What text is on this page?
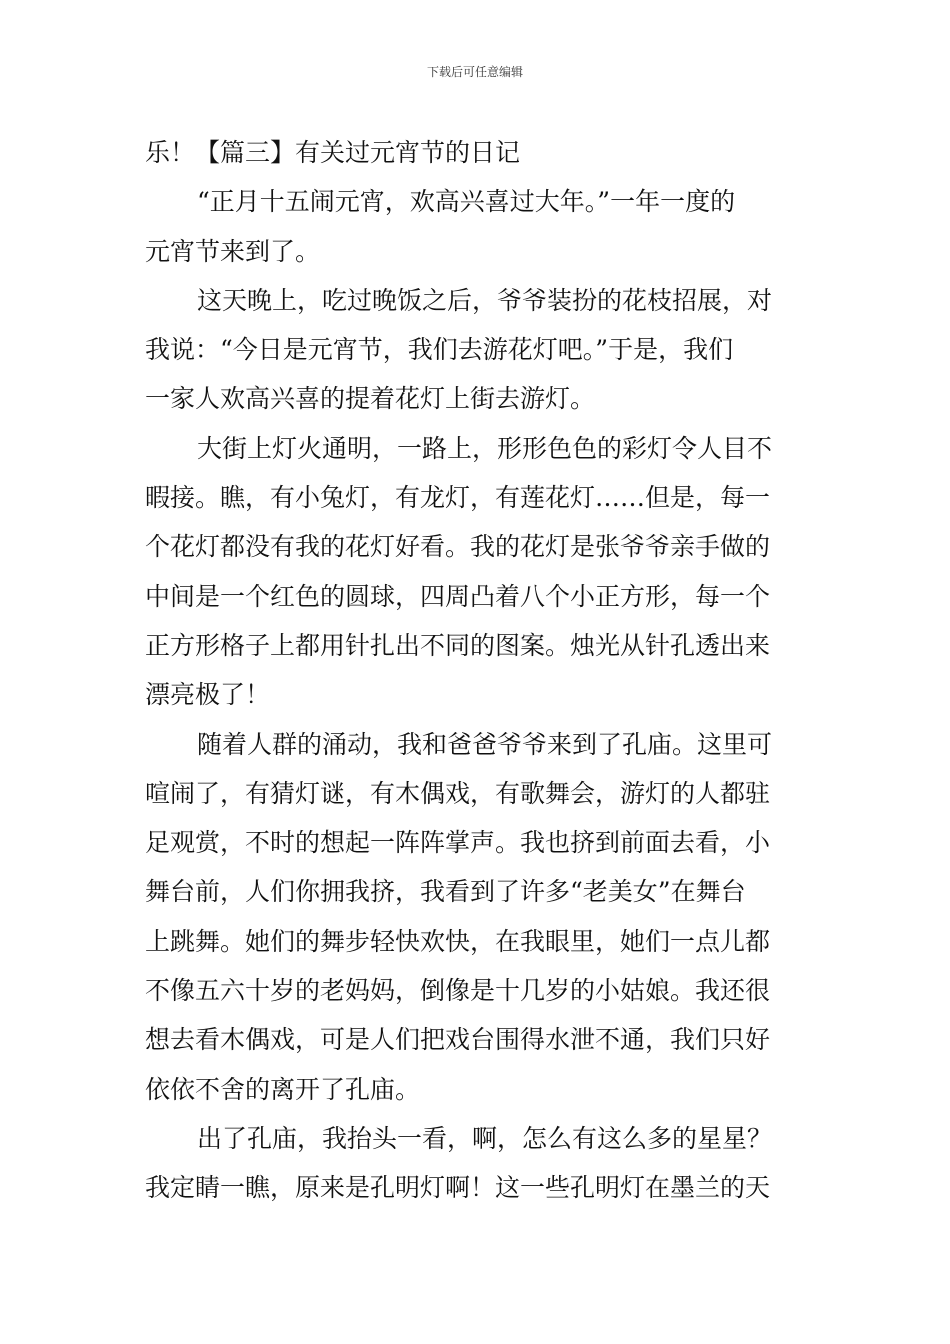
下载后可任意编辑
乐！【篇三】有关过元宵节的日记
“正月十五闹元宵，欢高兴喜过大年。”一年一度的
元宵节来到了。
这天晚上，吃过晚饭之后，爷爷装扮的花枝招展，对
我说：“今日是元宵节，我们去游花灯吧。”于是，我们
一家人欢高兴喜的提着花灯上街去游灯。
大街上灯火通明，一路上，形形色色的彩灯令人目不
暇接。瞧，有小兔灯，有龙灯，有莲花灯……但是，每一
个花灯都没有我的花灯好看。我的花灯是张爷爷亲手做的
中间是一个红色的圆球，四周凸着八个小正方形，每一个
正方形格子上都用针扎出不同的图案。烛光从针孔透出来
漂亮极了！
随着人群的涌动，我和爸爸爷爷来到了孔庙。这里可
喧闹了，有猜灯谜，有木偶戏，有歌舞会，游灯的人都驻
足观赏，不时的想起一阵阵掌声。我也挤到前面去看，小
舞台前，人们你拥我挤，我看到了许多“老美女”在舞台
上跳舞。她们的舞步轻快欢快，在我眼里，她们一点儿都
不像五六十岁的老妈妈，倒像是十几岁的小姑娘。我还很
想去看木偶戏，可是人们把戏台围得水泄不通，我们只好
依依不舍的离开了孔庙。
出了孔庙，我抬头一看，啊，怎么有这么多的星星？
我定睛一瞧，原来是孔明灯啊！这一些孔明灯在墨兰的天
